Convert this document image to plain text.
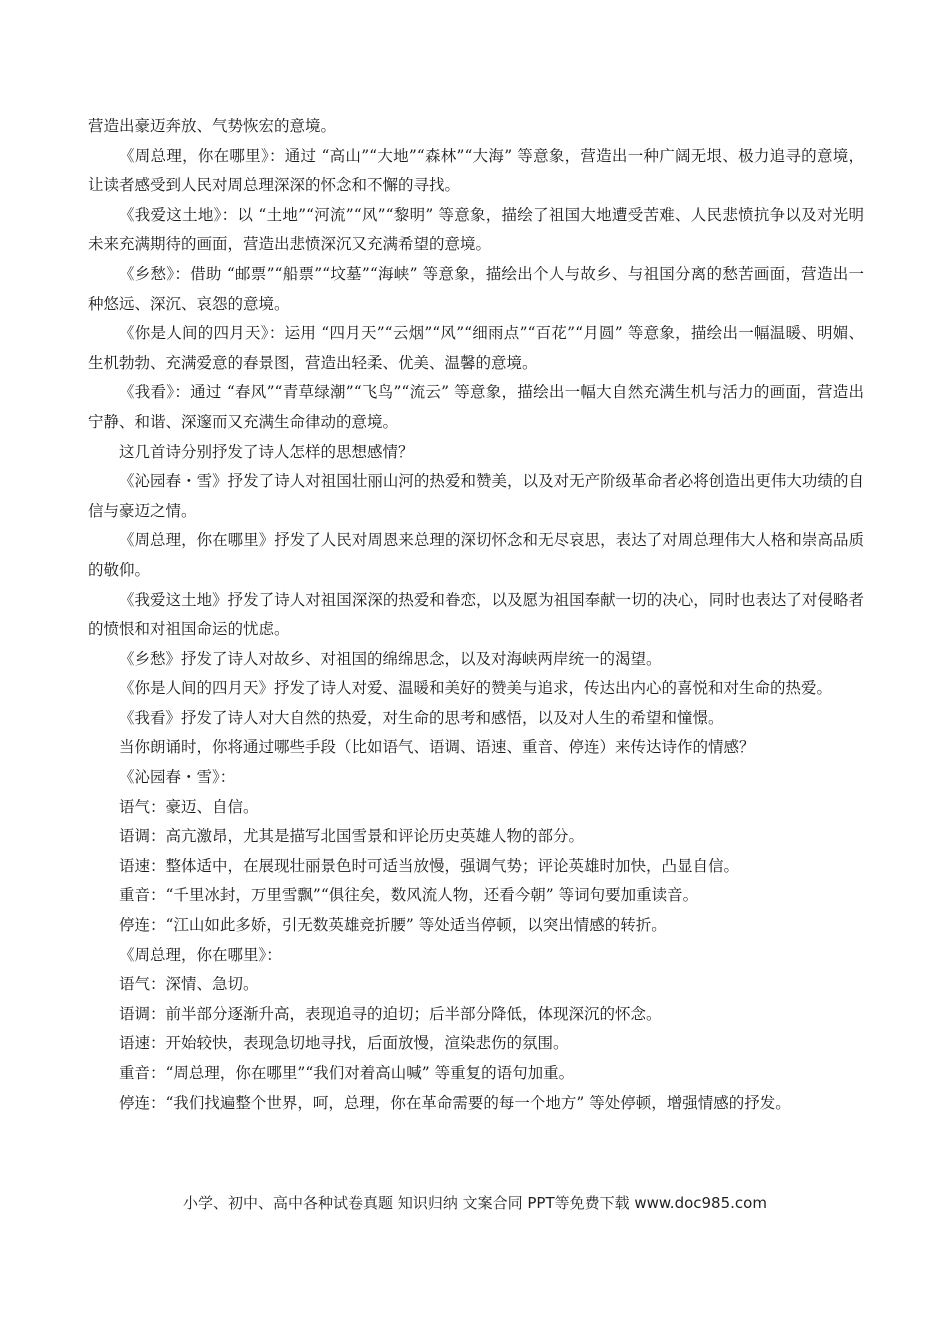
营造出豪迈奔放、气势恢宏的意境。

《周总理，你在哪里》：通过 “高山”“大地”“森林”“大海” 等意象，营造出一种广阔无垠、极力追寻的意境，让读者感受到人民对周总理深深的怀念和不懈的寻找。

《我爱这土地》：以 “土地”“河流”“风”“黎明” 等意象，描绘了祖国大地遭受苦难、人民悲愤抗争以及对光明未来充满期待的画面，营造出悲愤深沉又充满希望的意境。

《乡愁》：借助 “邮票”“船票”“坟墓”“海峡” 等意象，描绘出个人与故乡、与祖国分离的愁苦画面，营造出一种悠远、深沉、哀怨的意境。

《你是人间的四月天》：运用 “四月天”“云烟”“风”“细雨点”“百花”“月圆” 等意象，描绘出一幅温暖、明媚、生机勃勃、充满爱意的春景图，营造出轻柔、优美、温馨的意境。

《我看》：通过 “春风”“青草绿潮”“飞鸟”“流云” 等意象，描绘出一幅大自然充满生机与活力的画面，营造出宁静、和谐、深邃而又充满生命律动的意境。

这几首诗分别抒发了诗人怎样的思想感情？

《沁园春・雪》抒发了诗人对祖国壮丽山河的热爱和赞美，以及对无产阶级革命者必将创造出更伟大功绩的自信与豪迈之情。

《周总理，你在哪里》抒发了人民对周恩来总理的深切怀念和无尽哀思，表达了对周总理伟大人格和崇高品质的敬仰。

《我爱这土地》抒发了诗人对祖国深深的热爱和眷恋，以及愿为祖国奉献一切的决心，同时也表达了对侵略者的愤恨和对祖国命运的忧虑。

《乡愁》抒发了诗人对故乡、对祖国的绵绵思念，以及对海峡两岸统一的渴望。

《你是人间的四月天》抒发了诗人对爱、温暖和美好的赞美与追求，传达出内心的喜悦和对生命的热爱。

《我看》抒发了诗人对大自然的热爱，对生命的思考和感悟，以及对人生的希望和憧憬。

当你朗诵时，你将通过哪些手段（比如语气、语调、语速、重音、停连）来传达诗作的情感？

《沁园春・雪》：

语气：豪迈、自信。

语调：高亢激昂，尤其是描写北国雪景和评论历史英雄人物的部分。

语速：整体适中，在展现壮丽景色时可适当放慢，强调气势；评论英雄时加快，凸显自信。

重音：“千里冰封，万里雪飘”“俱往矣，数风流人物，还看今朝” 等词句要加重读音。

停连：“江山如此多娇，引无数英雄竞折腰” 等处适当停顿，以突出情感的转折。

《周总理，你在哪里》：

语气：深情、急切。

语调：前半部分逐渐升高，表现追寻的迫切；后半部分降低，体现深沉的怀念。

语速：开始较快，表现急切地寻找，后面放慢，渲染悲伤的氛围。

重音：“周总理，你在哪里”“我们对着高山喊” 等重复的语句加重。

停连：“我们找遍整个世界，呵，总理，你在革命需要的每一个地方” 等处停顿，增强情感的抒发。

小学、初中、高中各种试卷真题 知识归纳 文案合同 PPT等免费下载 www.doc985.com
